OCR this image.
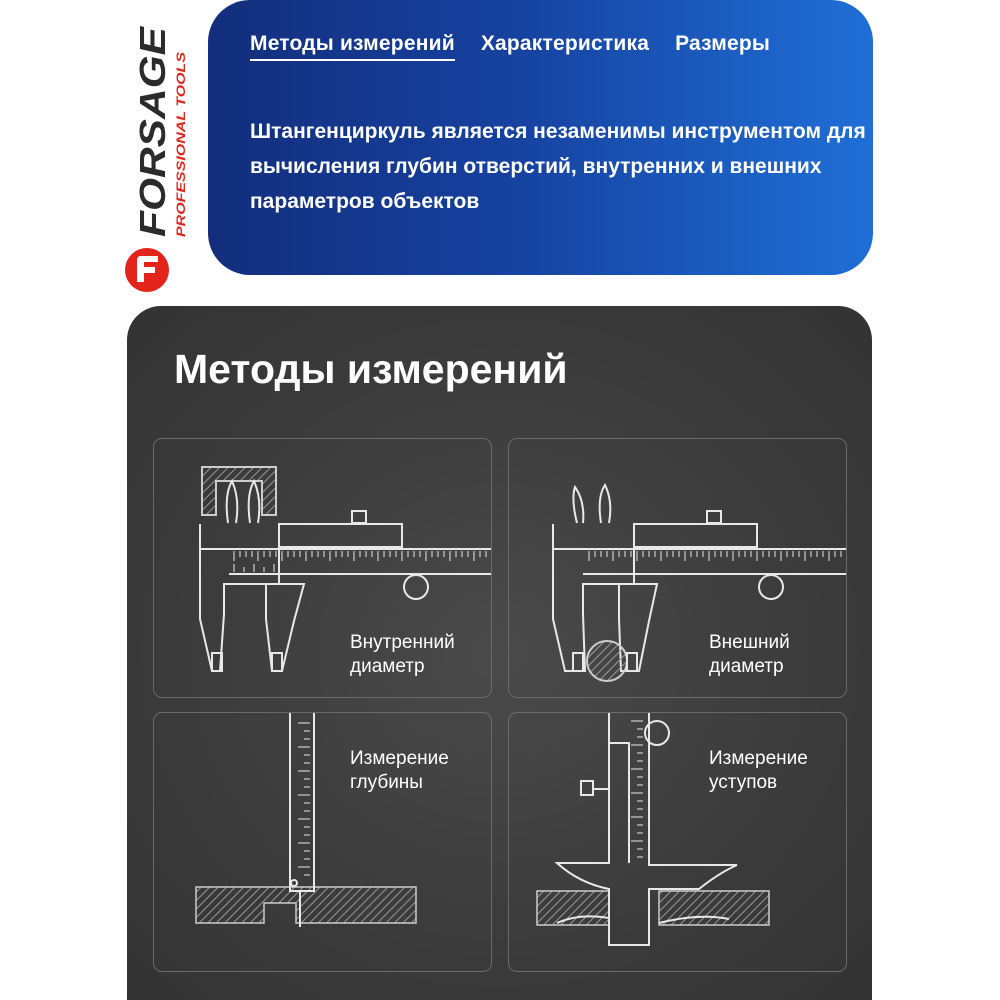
FORSAGE PROFESSIONAL TOOLS
Методы измерений Характеристика Размеры
Штангенциркуль является незаменимы инструментом для вычисления глубин отверстий, внутренних и внешних параметров объектов
Методы измерений
Внутренний
диаметр
Внешний
диаметр
Измерение
глубины
Измерение
уступов
